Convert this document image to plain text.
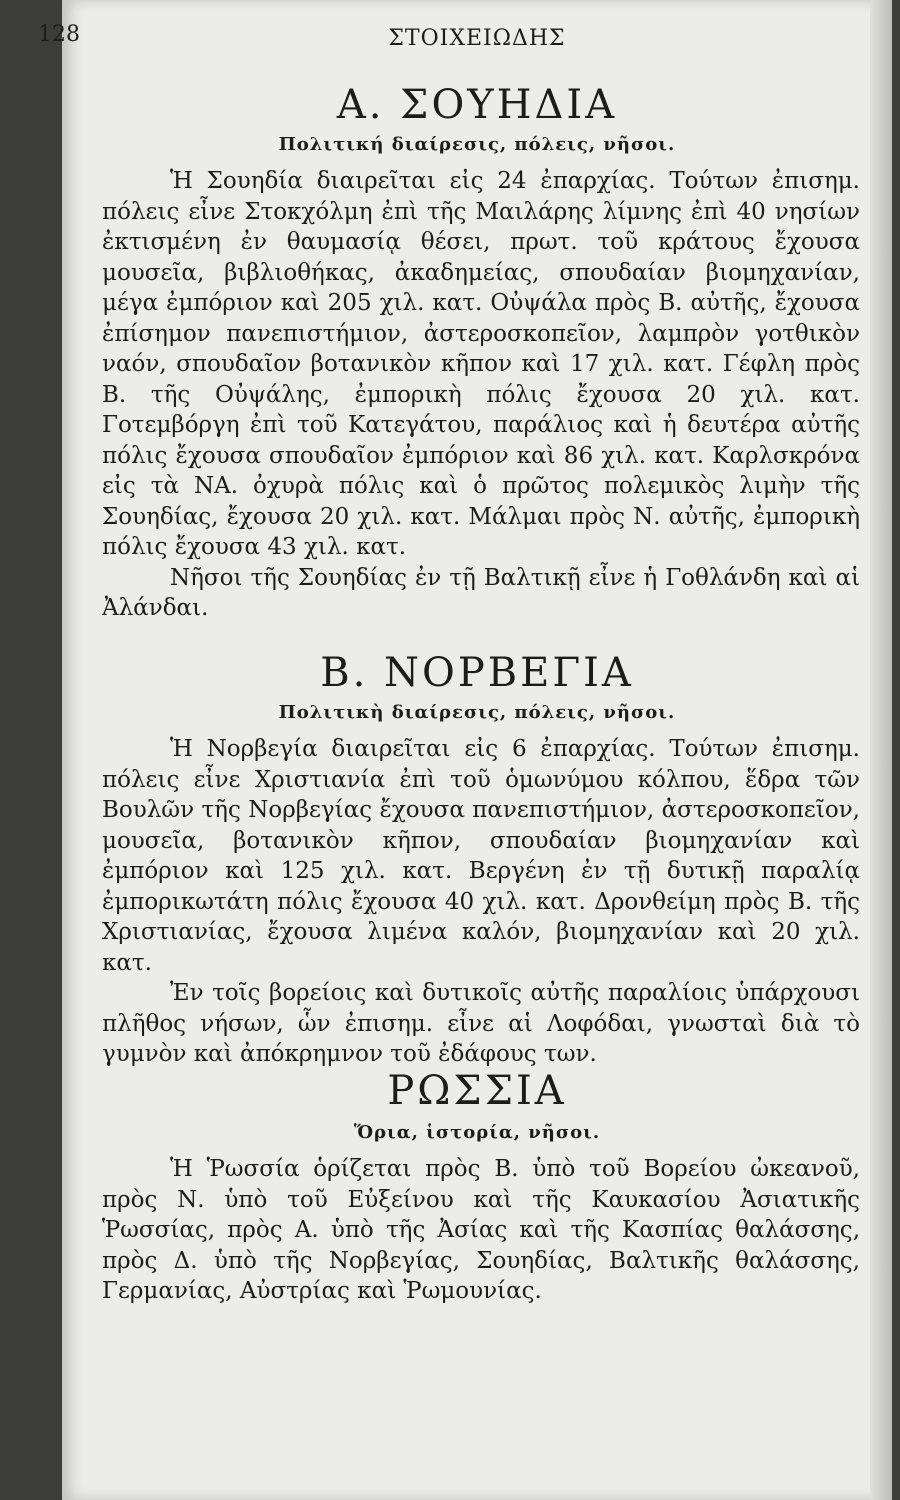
128	ΣΤΟΙΧΕΙΩΔΗΣ
Α. ΣΟΥΗΔΙΑ
Πολιτική διαίρεσις, πόλεις, νῆσοι.

Ἡ Σουηδία διαιρεῖται εἰς 24 ἐπαρχίας. Τούτων ἐπισημ. πόλεις εἶνε Στοκχόλμη ἐπὶ τῆς Μαιλάρης λίμνης ἐπὶ 40 νησίων ἐκτισμένη ἐν θαυμασίᾳ θέσει, πρωτ. τοῦ κράτους ἔχουσα μουσεῖα, βιβλιοθήκας, ἀκαδημείας, σπουδαίαν βιομηχανίαν, μέγα ἐμπόριον καὶ 205 χιλ. κατ. Οὐψάλα πρὸς Β. αὐτῆς, ἔχουσα ἐπίσημον πανεπιστήμιον, ἀστεροσκοπεῖον, λαμπρὸν γοτθικὸν ναόν, σπουδαῖον βοτανικὸν κῆπον καὶ 17 χιλ. κατ. Γέφλη πρὸς Β. τῆς Οὐψάλης, ἐμπορικὴ πόλις ἔχουσα 20 χιλ. κατ. Γοτεμβόργη ἐπὶ τοῦ Κατεγάτου, παράλιος καὶ ἡ δευτέρα αὐτῆς πόλις ἔχουσα σπουδαῖον ἐμπόριον καὶ 86 χιλ. κατ. Καρλσκρόνα εἰς τὰ ΝΑ. ὀχυρὰ πόλις καὶ ὁ πρῶτος πολεμικὸς λιμὴν τῆς Σουηδίας, ἔχουσα 20 χιλ. κατ. Μάλμαι πρὸς Ν. αὐτῆς, ἐμπορικὴ πόλις ἔχουσα 43 χιλ. κατ.

Νῆσοι τῆς Σουηδίας ἐν τῇ Βαλτικῇ εἶνε ἡ Γοθλάνδη καὶ αἱ Ἀλάνδαι.

Β. ΝΟΡΒΕΓΙΑ
Πολιτικὴ διαίρεσις, πόλεις, νῆσοι.

Ἡ Νορβεγία διαιρεῖται εἰς 6 ἐπαρχίας. Τούτων ἐπισημ. πόλεις εἶνε Χριστιανία ἐπὶ τοῦ ὁμωνύμου κόλπου, ἕδρα τῶν Βουλῶν τῆς Νορβεγίας ἔχουσα πανεπιστήμιον, ἀστεροσκοπεῖον, μουσεῖα, βοτανικὸν κῆπον, σπουδαίαν βιομηχανίαν καὶ ἐμπόριον καὶ 125 χιλ. κατ. Βεργένη ἐν τῇ δυτικῇ παραλίᾳ ἐμπορικωτάτη πόλις ἔχουσα 40 χιλ. κατ. Δρονθείμη πρὸς Β. τῆς Χριστιανίας, ἔχουσα λιμένα καλόν, βιομηχανίαν καὶ 20 χιλ. κατ.

Ἐν τοῖς βορείοις καὶ δυτικοῖς αὐτῆς παραλίοις ὑπάρχουσι πλῆθος νήσων, ὧν ἐπισημ. εἶνε αἱ Λοφόδαι, γνωσταὶ διὰ τὸ γυμνὸν καὶ ἀπόκρημνον τοῦ ἐδάφους των.

ΡΩΣΣΙΑ
Ὅρια, ἱστορία, νῆσοι.

Ἡ Ῥωσσία ὁρίζεται πρὸς Β. ὑπὸ τοῦ Βορείου ὠκεανοῦ, πρὸς Ν. ὑπὸ τοῦ Εὐξείνου καὶ τῆς Καυκασίου Ἀσιατικῆς Ῥωσσίας, πρὸς Α. ὑπὸ τῆς Ἀσίας καὶ τῆς Κασπίας θαλάσσης, πρὸς Δ. ὑπὸ τῆς Νορβεγίας, Σουηδίας, Βαλτικῆς θαλάσσης, Γερμανίας, Αὐστρίας καὶ Ῥωμουνίας.
